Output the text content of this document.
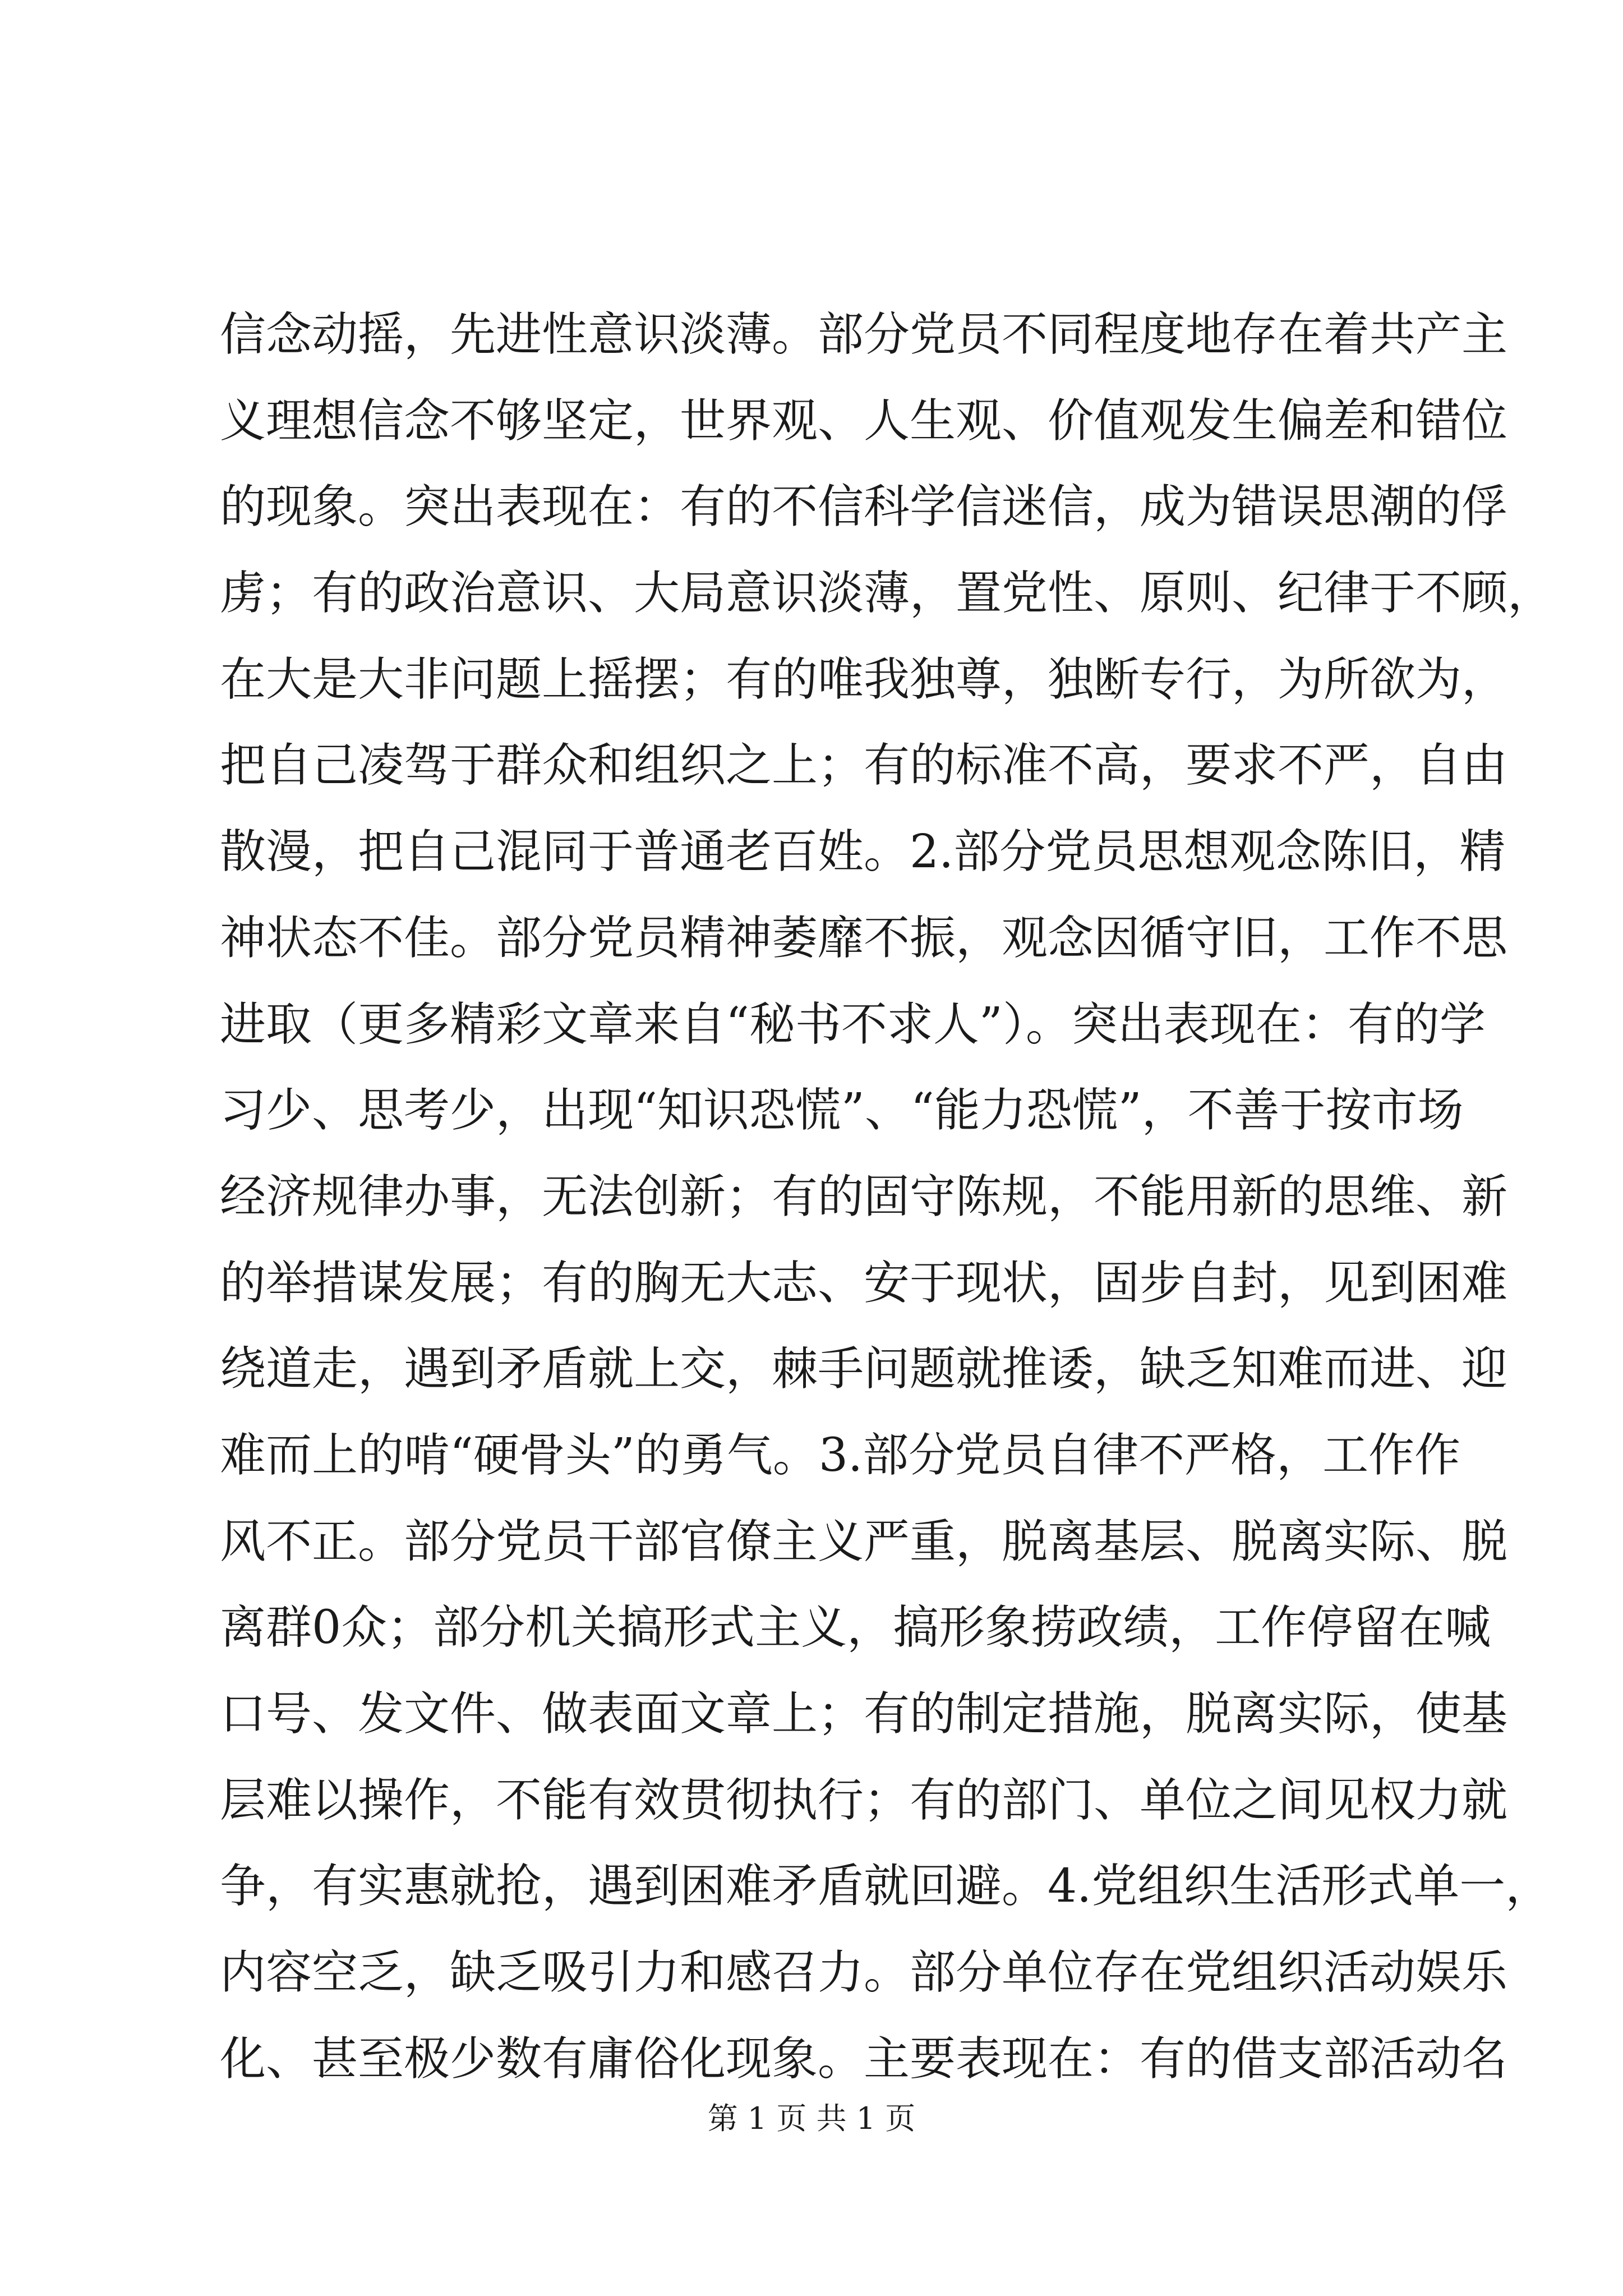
信念动摇，先进性意识淡薄。部分党员不同程度地存在着共产主
义理想信念不够坚定，世界观、人生观、价值观发生偏差和错位
的现象。突出表现在：有的不信科学信迷信，成为错误思潮的俘
虏；有的政治意识、大局意识淡薄，置党性、原则、纪律于不顾，
在大是大非问题上摇摆；有的唯我独尊，独断专行，为所欲为，
把自己凌驾于群众和组织之上；有的标准不高，要求不严，自由
散漫，把自己混同于普通老百姓。2.部分党员思想观念陈旧，精
神状态不佳。部分党员精神萎靡不振，观念因循守旧，工作不思
进取（更多精彩文章来自“秘书不求人”）。突出表现在：有的学
习少、思考少，出现“知识恐慌”、“能力恐慌”，不善于按市场
经济规律办事，无法创新；有的固守陈规，不能用新的思维、新
的举措谋发展；有的胸无大志、安于现状，固步自封，见到困难
绕道走，遇到矛盾就上交，棘手问题就推诿，缺乏知难而进、迎
难而上的啃“硬骨头”的勇气。3.部分党员自律不严格，工作作
风不正。部分党员干部官僚主义严重，脱离基层、脱离实际、脱
离群0众；部分机关搞形式主义，搞形象捞政绩，工作停留在喊
口号、发文件、做表面文章上；有的制定措施，脱离实际，使基
层难以操作，不能有效贯彻执行；有的部门、单位之间见权力就
争，有实惠就抢，遇到困难矛盾就回避。4.党组织生活形式单一，
内容空乏，缺乏吸引力和感召力。部分单位存在党组织活动娱乐
化、甚至极少数有庸俗化现象。主要表现在：有的借支部活动名

第 1 页 共 1 页
